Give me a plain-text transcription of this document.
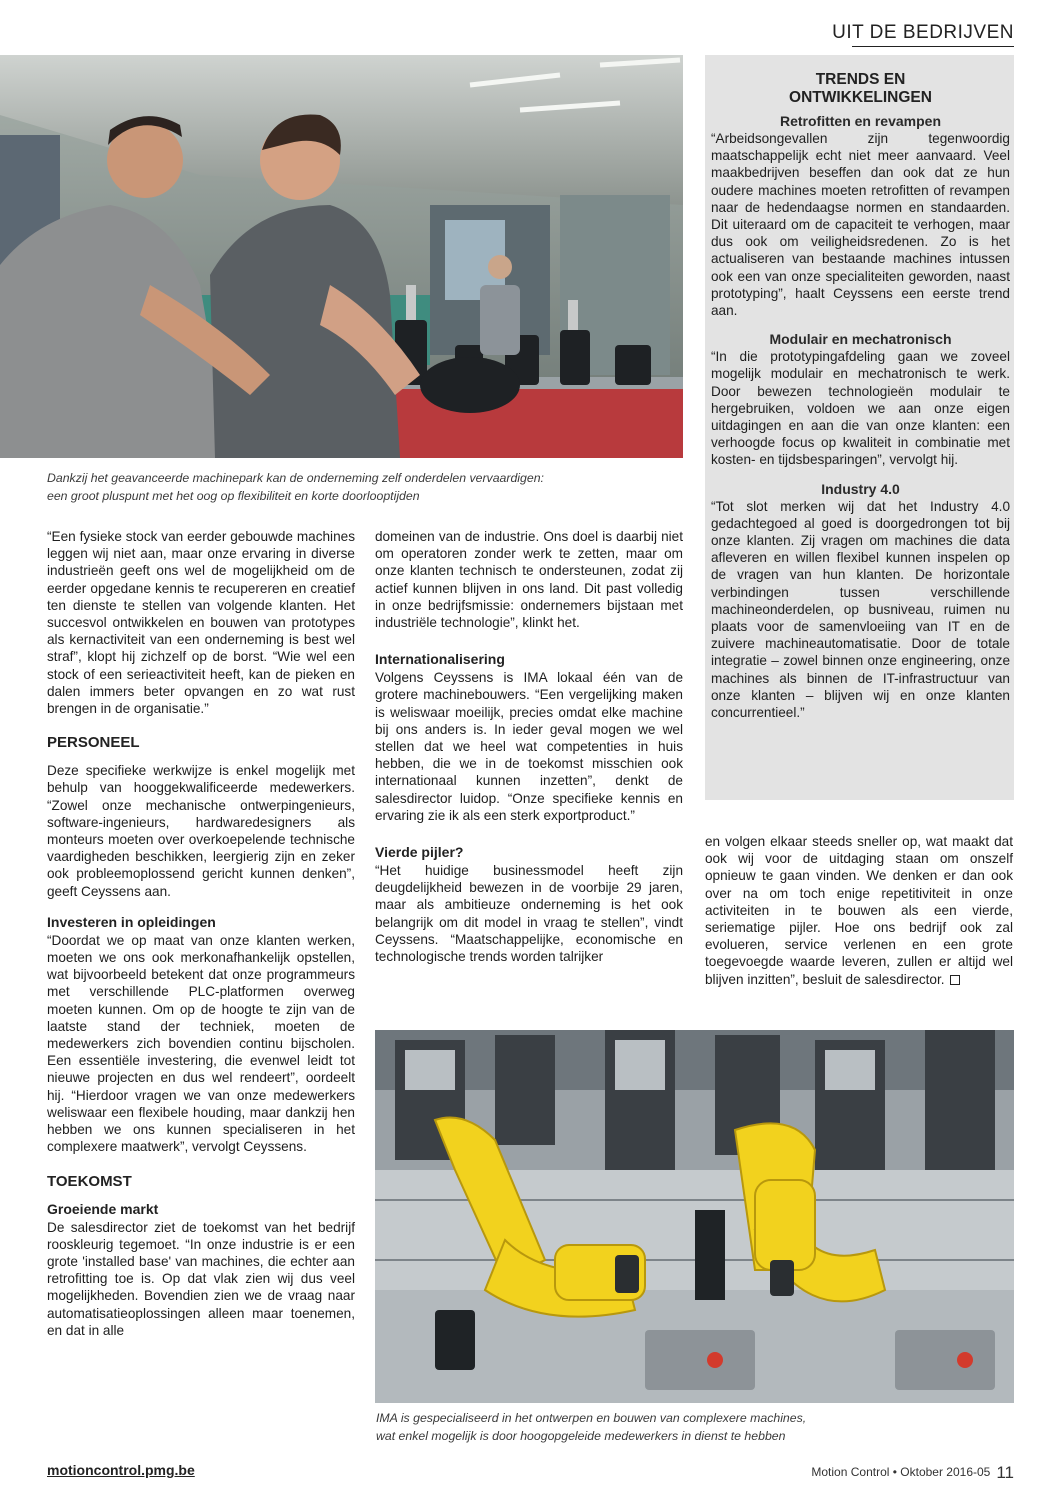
UIT DE BEDRIJVEN
Dankzij het geavanceerde machinepark kan de onderneming zelf onderdelen vervaardigen:
een groot pluspunt met het oog op flexibiliteit en korte doorlooptijden

“Een fysieke stock van eerder gebouwde machines leggen wij niet aan, maar onze ervaring in diverse industrieën geeft ons wel de mogelijkheid om de eerder opgedane kennis te recupereren en creatief ten dienste te stellen van volgende klanten. Het succesvol ontwikkelen en bouwen van prototypes als kernactiviteit van een onderneming is best wel straf”, klopt hij zichzelf op de borst. “Wie wel een stock of een serieactiviteit heeft, kan de pieken en dalen immers beter opvangen en zo wat rust brengen in de organisatie.”

PERSONEEL

Deze specifieke werkwijze is enkel mogelijk met behulp van hooggekwalificeerde medewerkers. “Zowel onze mechanische ontwerpingenieurs, software-ingenieurs, hardwaredesigners als monteurs moeten over overkoepelende technische vaardigheden beschikken, leergierig zijn en zeker ook probleemoplossend gericht kunnen denken”, geeft Ceyssens aan.

Investeren in opleidingen

“Doordat we op maat van onze klanten werken, moeten we ons ook merkonafhankelijk opstellen, wat bijvoorbeeld betekent dat onze programmeurs met verschillende PLC-platformen overweg moeten kunnen. Om op de hoogte te zijn van de laatste stand der techniek, moeten de medewerkers zich bovendien continu bijscholen. Een essentiële investering, die evenwel leidt tot nieuwe projecten en dus wel rendeert”, oordeelt hij. “Hierdoor vragen we van onze medewerkers weliswaar een flexibele houding, maar dankzij hen hebben we ons kunnen specialiseren in het complexere maatwerk”, vervolgt Ceyssens.

TOEKOMST
Groeiende markt

De salesdirector ziet de toekomst van het bedrijf rooskleurig tegemoet. “In onze industrie is er een grote 'installed base' van machines, die echter aan retrofitting toe is. Op dat vlak zien wij dus veel mogelijkheden. Bovendien zien we de vraag naar automatisatieoplossingen alleen maar toenemen, en dat in alle

domeinen van de industrie. Ons doel is daarbij niet om operatoren zonder werk te zetten, maar om onze klanten technisch te ondersteunen, zodat zij actief kunnen blijven in ons land. Dit past volledig in onze bedrijfsmissie: ondernemers bijstaan met industriële technologie”, klinkt het.

Internationalisering

Volgens Ceyssens is IMA lokaal één van de grotere machinebouwers. “Een vergelijking maken is weliswaar moeilijk, precies omdat elke machine bij ons anders is. In ieder geval mogen we wel stellen dat we heel wat competenties in huis hebben, die we in de toekomst misschien ook internationaal kunnen inzetten”, denkt de salesdirector luidop. “Onze specifieke kennis en ervaring zie ik als een sterk exportproduct.”

Vierde pijler?

“Het huidige businessmodel heeft zijn deugdelijkheid bewezen in de voorbije 29 jaren, maar als ambitieuze onderneming is het ook belangrijk om dit model in vraag te stellen”, vindt Ceyssens. “Maatschappelijke, economische en technologische trends worden talrijker

TRENDS EN
ONTWIKKELINGEN
Retrofitten en revampen

“Arbeidsongevallen zijn tegenwoordig maatschappelijk echt niet meer aanvaard. Veel maakbedrijven beseffen dan ook dat ze hun oudere machines moeten retrofitten of revampen naar de hedendaagse normen en standaarden. Dit uiteraard om de capaciteit te verhogen, maar dus ook om veiligheidsredenen. Zo is het actualiseren van bestaande machines intussen ook een van onze specialiteiten geworden, naast prototyping”, haalt Ceyssens een eerste trend aan.

Modulair en mechatronisch

“In die prototypingafdeling gaan we zoveel mogelijk modulair en mechatronisch te werk. Door bewezen technologieën modulair te hergebruiken, voldoen we aan onze eigen uitdagingen en aan die van onze klanten: een verhoogde focus op kwaliteit in combinatie met kosten- en tijdsbesparingen”, vervolgt hij.

Industry 4.0

“Tot slot merken wij dat het Industry 4.0 gedachtegoed al goed is doorgedrongen tot bij onze klanten. Zij vragen om machines die data afleveren en willen flexibel kunnen inspelen op de vragen van hun klanten. De horizontale verbindingen tussen verschillende machineonderdelen, op busniveau, ruimen nu plaats voor de samenvloeiing van IT en de zuivere machineautomatisatie. Door de totale integratie – zowel binnen onze engineering, onze machines als binnen de IT-infrastructuur van onze klanten – blijven wij en onze klanten concurrentieel.”

en volgen elkaar steeds sneller op, wat maakt dat ook wij voor de uitdaging staan om onszelf opnieuw te gaan vinden. We denken er dan ook over na om toch enige repetitiviteit in onze activiteiten in te bouwen als een vierde, seriematige pijler. Hoe ons bedrijf ook zal evolueren, service verlenen en een grote toegevoegde waarde leveren, zullen er altijd wel blijven inzitten”, besluit de salesdirector.

IMA is gespecialiseerd in het ontwerpen en bouwen van complexere machines,
wat enkel mogelijk is door hoogopgeleide medewerkers in dienst te hebben
motioncontrol.pmg.be	Motion Control • Oktober 2016-05 11
